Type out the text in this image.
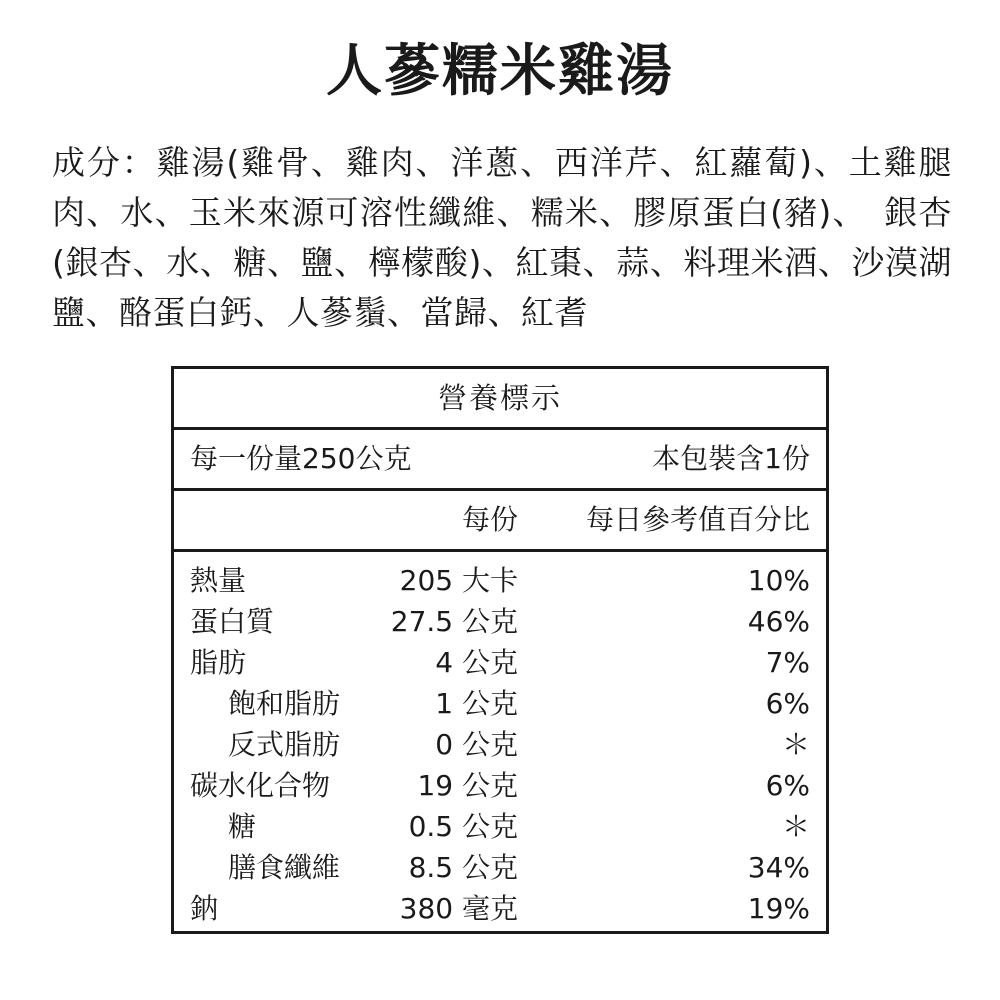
人蔘糯米雞湯
成分：雞湯(雞骨、雞肉、洋蔥、西洋芹、紅蘿蔔)、土雞腿肉、水、玉米來源可溶性纖維、糯米、膠原蛋白(豬)、　銀杏(銀杏、水、糖、鹽、檸檬酸)、紅棗、蒜、料理米酒、沙漠湖鹽、酪蛋白鈣、人蔘鬚、當歸、紅耆
營養標示
每一份量250公克	本包裝含1份
每份 每日參考值百分比
熱量	205 大卡	10%
蛋白質	27.5 公克	46%
脂肪	4 公克	7%
飽和脂肪	1 公克	6%
反式脂肪	0 公克	＊
碳水化合物	19 公克	6%
糖	0.5 公克	＊
膳食纖維 8.5 公克	34%
鈉	380 毫克	19%
